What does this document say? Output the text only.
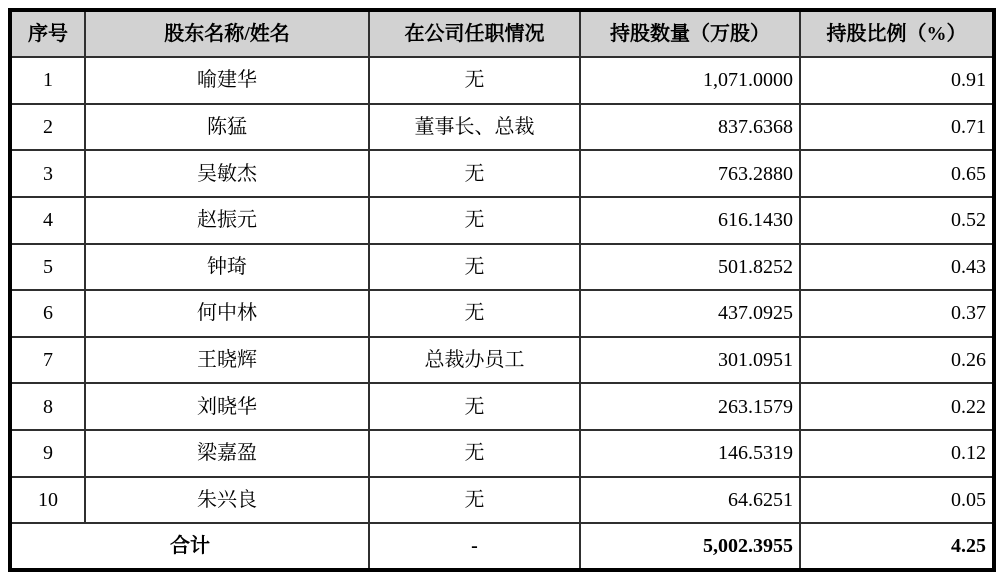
序号	股东名称/姓名	在公司任职情况	持股数量（万股）	持股比例（%）
1	喻建华	无	1,071.0000	0.91
2	陈猛	董事长、总裁	837.6368	0.71
3	吴敏杰	无	763.2880	0.65
4	赵振元	无	616.1430	0.52
5	钟琦	无	501.8252	0.43
6	何中林	无	437.0925	0.37
7	王晓辉	总裁办员工	301.0951	0.26
8	刘晓华	无	263.1579	0.22
9	梁嘉盈	无	146.5319	0.12
10	朱兴良	无	64.6251	0.05
合计		-	5,002.3955	4.25
